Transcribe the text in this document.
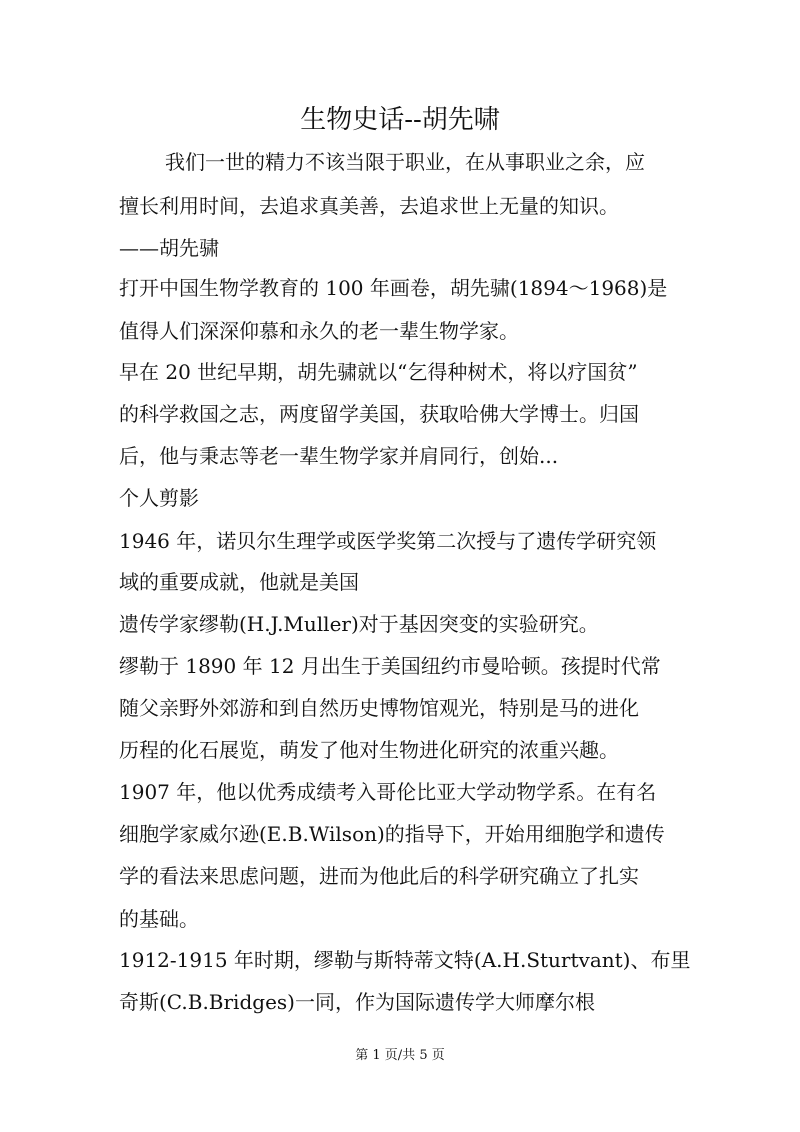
生物史话--胡先啸
我们一世的精力不该当限于职业，在从事职业之余，应
擅长利用时间，去追求真美善，去追求世上无量的知识。
——胡先骕
打开中国生物学教育的 100 年画卷，胡先骕(1894～1968)是
值得人们深深仰慕和永久的老一辈生物学家。
早在 20 世纪早期，胡先骕就以“乞得种树术，将以疗国贫”
的科学救国之志，两度留学美国，获取哈佛大学博士。归国
后，他与秉志等老一辈生物学家并肩同行，创始...
个人剪影
1946 年，诺贝尔生理学或医学奖第二次授与了遗传学研究领
域的重要成就，他就是美国
遗传学家缪勒(H.J.Muller)对于基因突变的实验研究。
缪勒于 1890 年 12 月出生于美国纽约市曼哈顿。孩提时代常
随父亲野外郊游和到自然历史博物馆观光，特别是马的进化
历程的化石展览，萌发了他对生物进化研究的浓重兴趣。
1907 年，他以优秀成绩考入哥伦比亚大学动物学系。在有名
细胞学家威尔逊(E.B.Wilson)的指导下，开始用细胞学和遗传
学的看法来思虑问题，进而为他此后的科学研究确立了扎实
的基础。
1912-1915 年时期，缪勒与斯特蒂文特(A.H.Sturtvant)、布里
奇斯(C.B.Bridges)一同，作为国际遗传学大师摩尔根
第 1 页/共 5 页
